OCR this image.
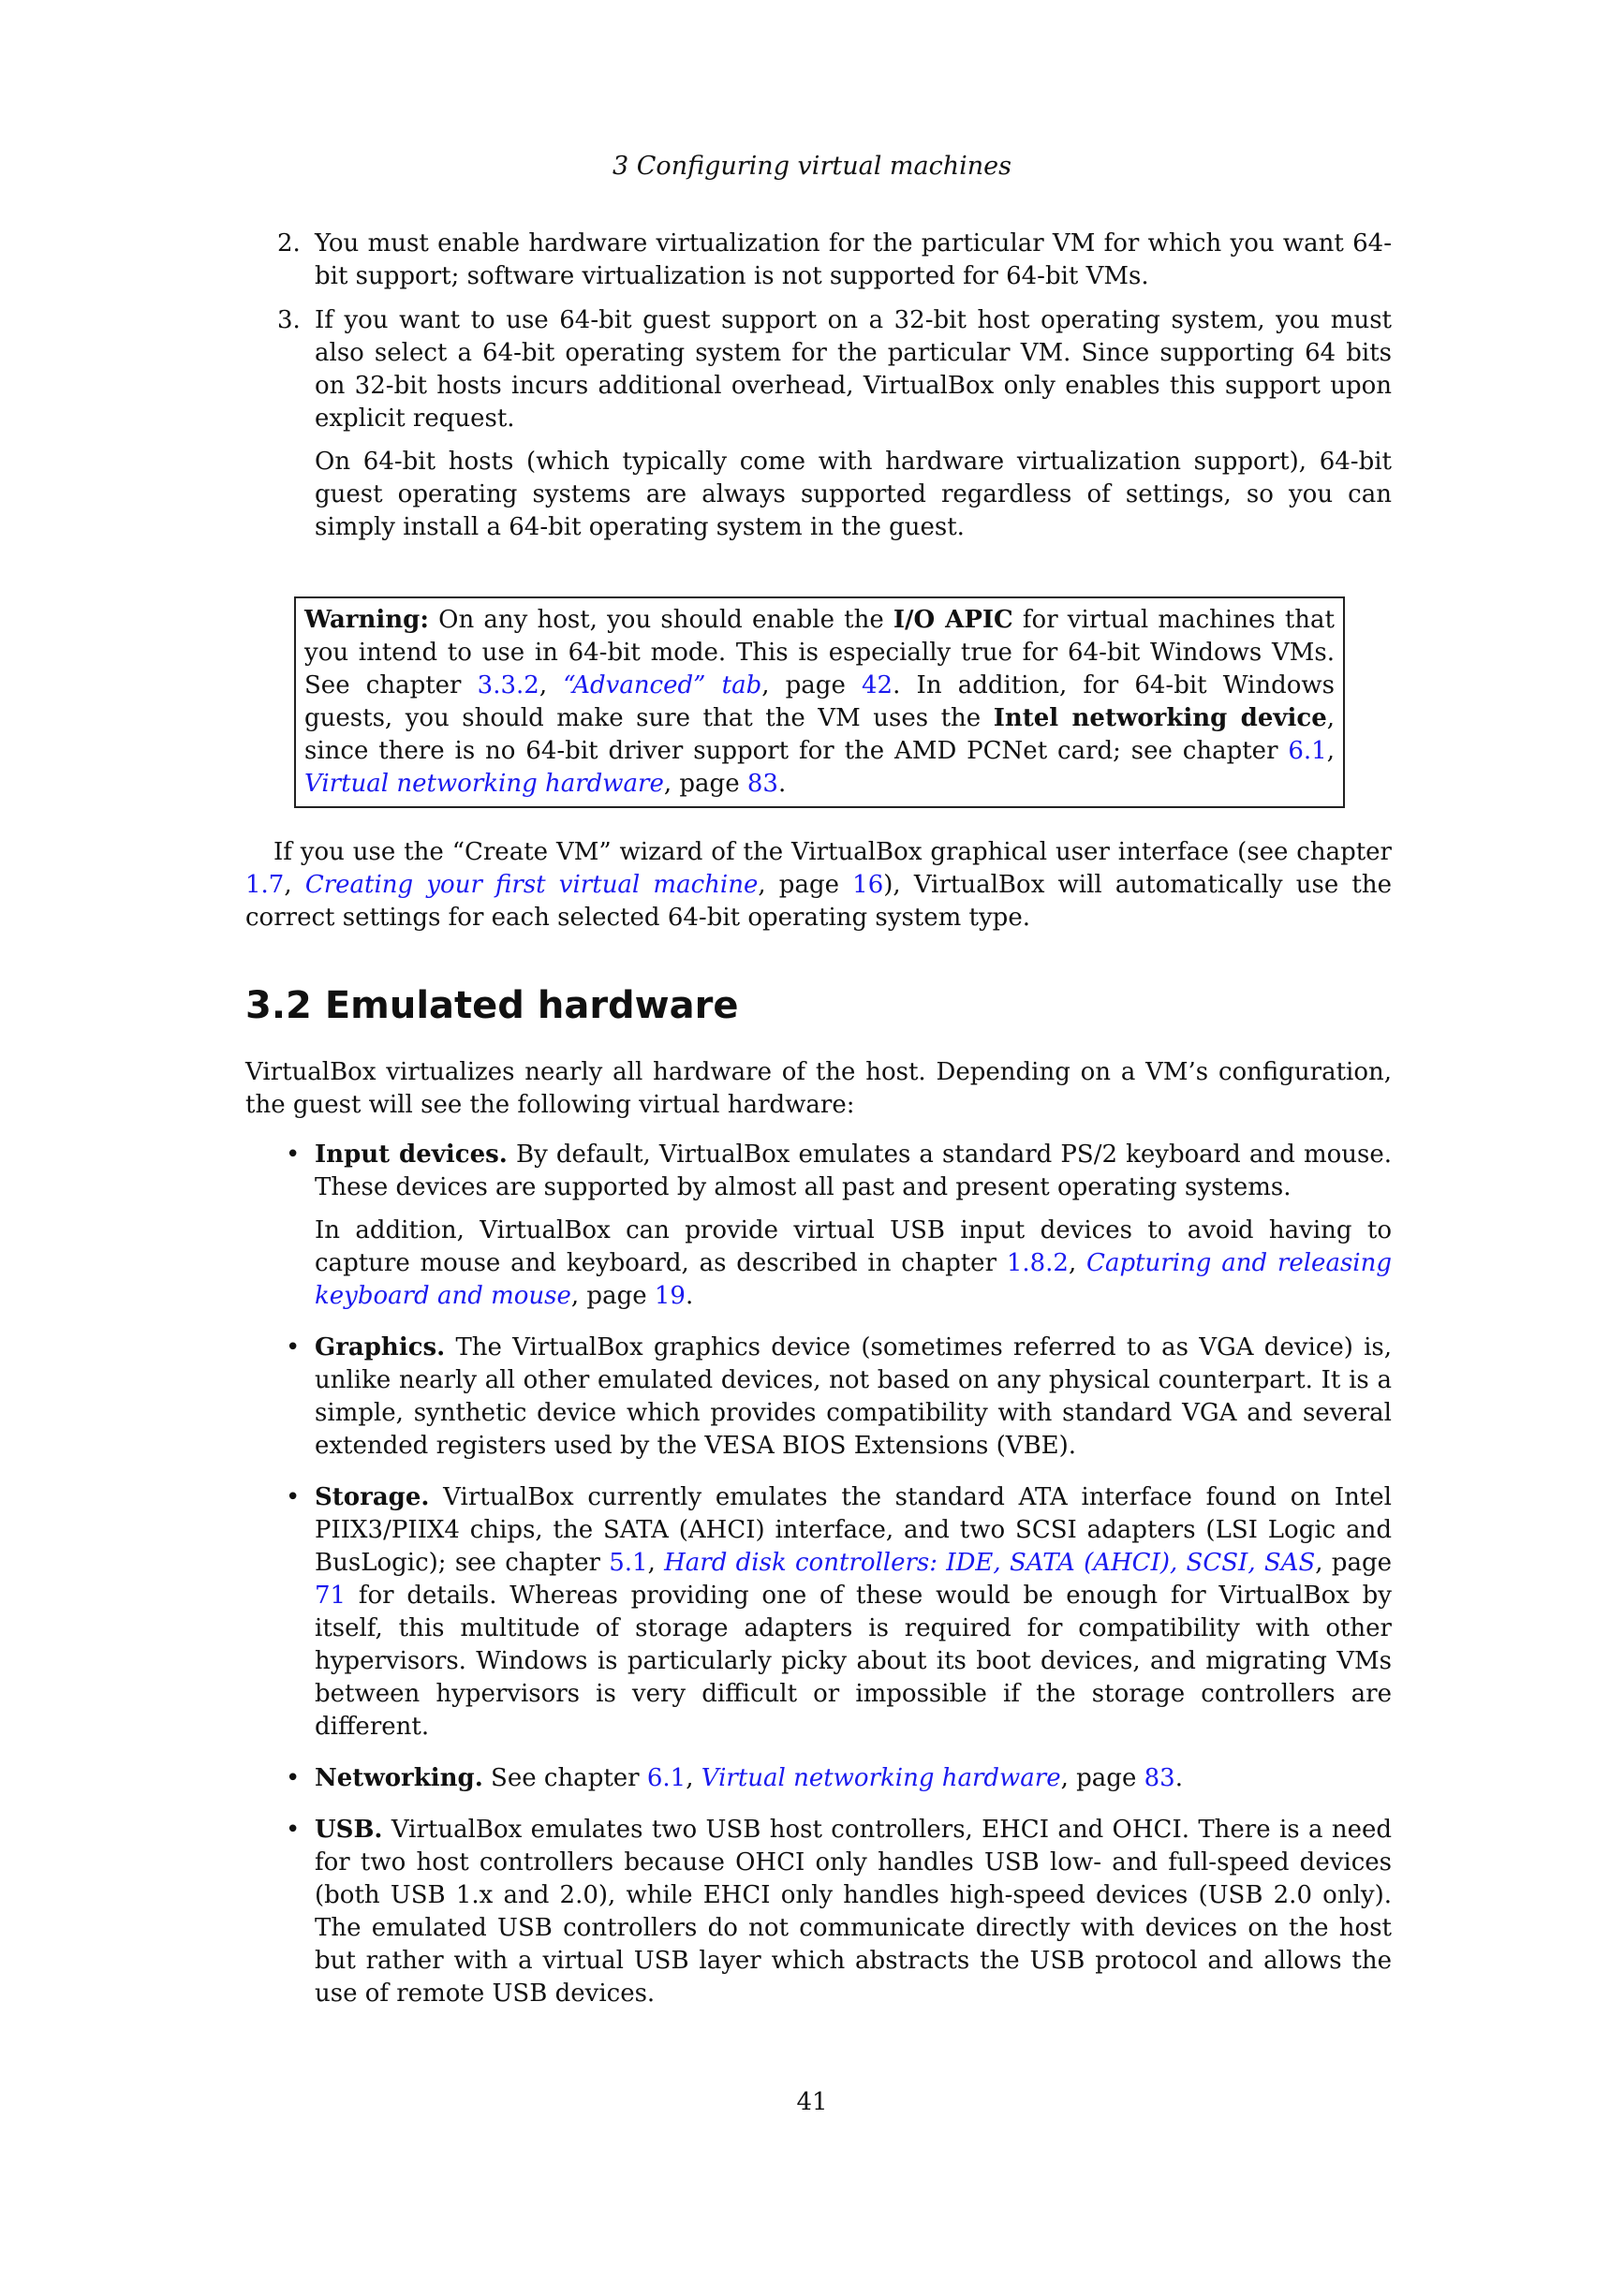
3 Configuring virtual machines
2. You must enable hardware virtualization for the particular VM for which you want 64-bit support; software virtualization is not supported for 64-bit VMs.

3. If you want to use 64-bit guest support on a 32-bit host operating system, you must also select a 64-bit operating system for the particular VM. Since supporting 64 bits on 32-bit hosts incurs additional overhead, VirtualBox only enables this support upon explicit request.

On 64-bit hosts (which typically come with hardware virtualization support), 64-bit guest operating systems are always supported regardless of settings, so you can simply install a 64-bit operating system in the guest.

Warning: On any host, you should enable the I/O APIC for virtual machines that you intend to use in 64-bit mode. This is especially true for 64-bit Windows VMs. See chapter 3.3.2, “Advanced” tab, page 42. In addition, for 64-bit Windows guests, you should make sure that the VM uses the Intel networking device, since there is no 64-bit driver support for the AMD PCNet card; see chapter 6.1, Virtual networking hardware, page 83.

If you use the “Create VM” wizard of the VirtualBox graphical user interface (see chapter 1.7, Creating your first virtual machine, page 16), VirtualBox will automatically use the correct settings for each selected 64-bit operating system type.

3.2 Emulated hardware

VirtualBox virtualizes nearly all hardware of the host. Depending on a VM’s configuration, the guest will see the following virtual hardware:

• Input devices. By default, VirtualBox emulates a standard PS/2 keyboard and mouse. These devices are supported by almost all past and present operating systems.

In addition, VirtualBox can provide virtual USB input devices to avoid having to capture mouse and keyboard, as described in chapter 1.8.2, Capturing and releasing keyboard and mouse, page 19.

• Graphics. The VirtualBox graphics device (sometimes referred to as VGA device) is, unlike nearly all other emulated devices, not based on any physical counterpart. It is a simple, synthetic device which provides compatibility with standard VGA and several extended registers used by the VESA BIOS Extensions (VBE).

• Storage. VirtualBox currently emulates the standard ATA interface found on Intel PIIX3/PIIX4 chips, the SATA (AHCI) interface, and two SCSI adapters (LSI Logic and BusLogic); see chapter 5.1, Hard disk controllers: IDE, SATA (AHCI), SCSI, SAS, page 71 for details. Whereas providing one of these would be enough for VirtualBox by itself, this multitude of storage adapters is required for compatibility with other hypervisors. Windows is particularly picky about its boot devices, and migrating VMs between hypervisors is very difficult or impossible if the storage controllers are different.

• Networking. See chapter 6.1, Virtual networking hardware, page 83.

• USB. VirtualBox emulates two USB host controllers, EHCI and OHCI. There is a need for two host controllers because OHCI only handles USB low- and full-speed devices (both USB 1.x and 2.0), while EHCI only handles high-speed devices (USB 2.0 only). The emulated USB controllers do not communicate directly with devices on the host but rather with a virtual USB layer which abstracts the USB protocol and allows the use of remote USB devices.

41
